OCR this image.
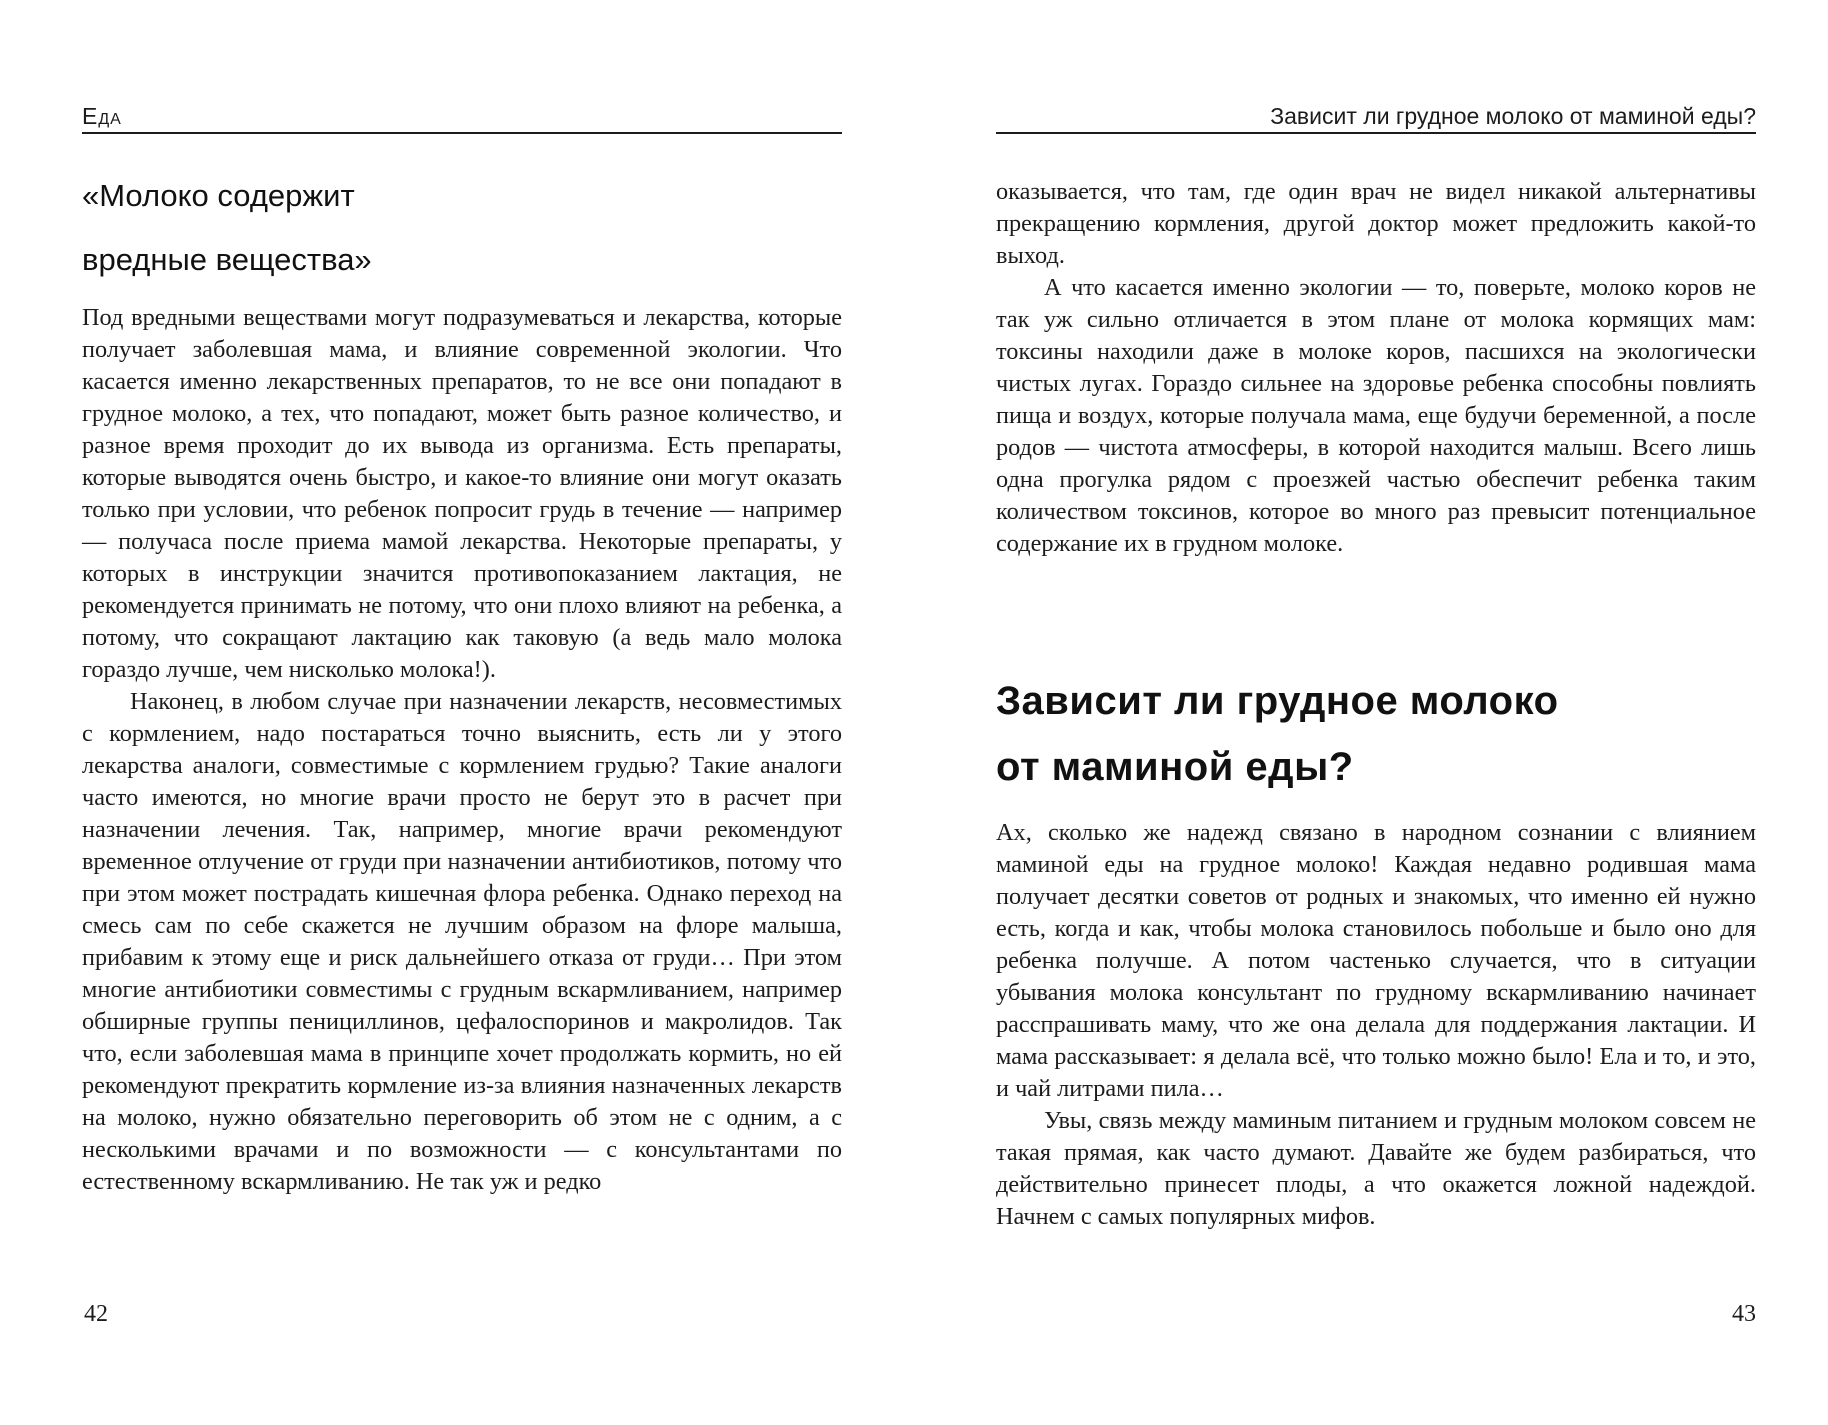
Еда
«Молоко содержит
вредные вещества»

Под вредными веществами могут подразумеваться и лекарства, которые получает заболевшая мама, и влияние современной экологии. Что касается именно лекарственных препаратов, то не все они попадают в грудное молоко, а тех, что попадают, может быть разное количество, и разное время проходит до их вывода из организма. Есть препараты, которые выводятся очень быстро, и какое-то влияние они могут оказать только при условии, что ребенок попросит грудь в течение — например — получаса после приема мамой лекарства. Некоторые препараты, у которых в инструкции значится противопоказанием лактация, не рекомендуется принимать не потому, что они плохо влияют на ребенка, а потому, что сокращают лактацию как таковую (а ведь мало молока гораздо лучше, чем нисколько молока!).

Наконец, в любом случае при назначении лекарств, несовместимых с кормлением, надо постараться точно выяснить, есть ли у этого лекарства аналоги, совместимые с кормлением грудью? Такие аналоги часто имеются, но многие врачи просто не берут это в расчет при назначении лечения. Так, например, многие врачи рекомендуют временное отлучение от груди при назначении антибиотиков, потому что при этом может пострадать кишечная флора ребенка. Однако переход на смесь сам по себе скажется не лучшим образом на флоре малыша, прибавим к этому еще и риск дальнейшего отказа от груди… При этом многие антибиотики совместимы с грудным вскармливанием, например обширные группы пенициллинов, цефалоспоринов и макролидов. Так что, если заболевшая мама в принципе хочет продолжать кормить, но ей рекомендуют прекратить кормление из-за влияния назначенных лекарств на молоко, нужно обязательно переговорить об этом не с одним, а с несколькими врачами и по возможности — с консультантами по естественному вскармливанию. Не так уж и редко

42
Зависит ли грудное молоко от маминой еды?

оказывается, что там, где один врач не видел никакой альтернативы прекращению кормления, другой доктор может предложить какой-то выход.

А что касается именно экологии — то, поверьте, молоко коров не так уж сильно отличается в этом плане от молока кормящих мам: токсины находили даже в молоке коров, пасшихся на экологически чистых лугах. Гораздо сильнее на здоровье ребенка способны повлиять пища и воздух, которые получала мама, еще будучи беременной, а после родов — чистота атмосферы, в которой находится малыш. Всего лишь одна прогулка рядом с проезжей частью обеспечит ребенка таким количеством токсинов, которое во много раз превысит потенциальное содержание их в грудном молоке.

Зависит ли грудное молоко
от маминой еды?

Ах, сколько же надежд связано в народном сознании с влиянием маминой еды на грудное молоко! Каждая недавно родившая мама получает десятки советов от родных и знакомых, что именно ей нужно есть, когда и как, чтобы молока становилось побольше и было оно для ребенка получше. А потом частенько случается, что в ситуации убывания молока консультант по грудному вскармливанию начинает расспрашивать маму, что же она делала для поддержания лактации. И мама рассказывает: я делала всё, что только можно было! Ела и то, и это, и чай литрами пила…

Увы, связь между маминым питанием и грудным молоком совсем не такая прямая, как часто думают. Давайте же будем разбираться, что действительно принесет плоды, а что окажется ложной надеждой. Начнем с самых популярных мифов.

43
